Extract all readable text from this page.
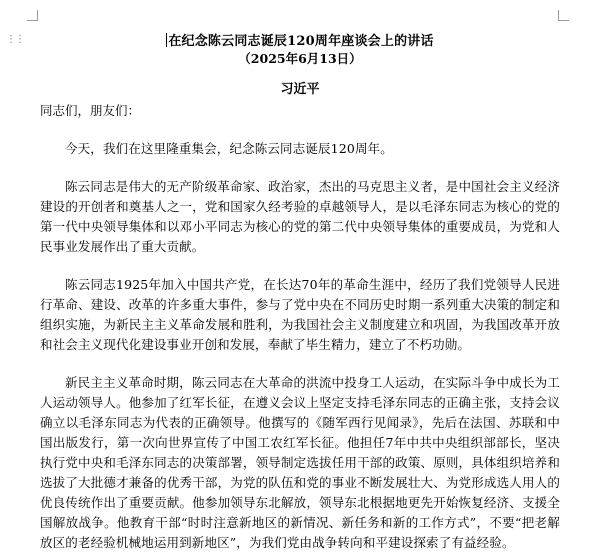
⋮⋮	在纪念陈云同志诞辰120周年座谈会上的讲话

（2025年6月13日）

习近平

同志们，朋友们：

今天，我们在这里隆重集会，纪念陈云同志诞辰120周年。

陈云同志是伟大的无产阶级革命家、政治家，杰出的马克思主义者，是中国社会主义经济建设的开创者和奠基人之一，党和国家久经考验的卓越领导人，是以毛泽东同志为核心的党的第一代中央领导集体和以邓小平同志为核心的党的第二代中央领导集体的重要成员，为党和人民事业发展作出了重大贡献。

陈云同志1925年加入中国共产党，在长达70年的革命生涯中，经历了我们党领导人民进行革命、建设、改革的许多重大事件，参与了党中央在不同历史时期一系列重大决策的制定和组织实施，为新民主主义革命发展和胜利，为我国社会主义制度建立和巩固，为我国改革开放和社会主义现代化建设事业开创和发展，奉献了毕生精力，建立了不朽功勋。

新民主主义革命时期，陈云同志在大革命的洪流中投身工人运动，在实际斗争中成长为工人运动领导人。他参加了红军长征，在遵义会议上坚定支持毛泽东同志的正确主张，支持会议确立以毛泽东同志为代表的正确领导。他撰写的《随军西行见闻录》，先后在法国、苏联和中国出版发行，第一次向世界宣传了中国工农红军长征。他担任7年中共中央组织部部长，坚决执行党中央和毛泽东同志的决策部署，领导制定选拔任用干部的政策、原则，具体组织培养和选拔了大批德才兼备的优秀干部，为党的队伍和党的事业不断发展壮大、为党形成选人用人的优良传统作出了重要贡献。他参加领导东北解放，领导东北根据地更先开始恢复经济、支援全国解放战争。他教育干部“时时注意新地区的新情况、新任务和新的工作方式”，不要“把老解放区的老经验机械地运用到新地区”，为我们党由战争转向和平建设探索了有益经验。
